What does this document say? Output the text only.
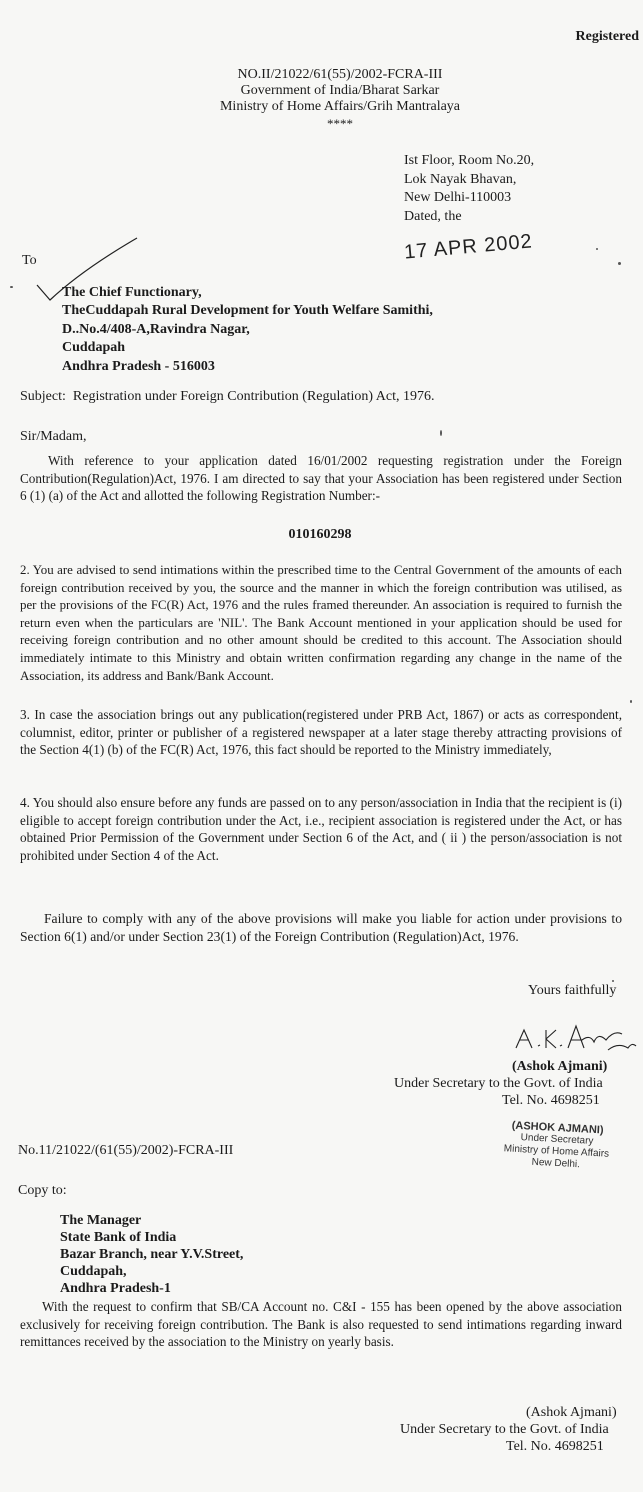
Registered
NO.II/21022/61(55)/2002-FCRA-III
Government of India/Bharat Sarkar
Ministry of Home Affairs/Grih Mantralaya
****
Ist Floor, Room No.20,
Lok Nayak Bhavan,
New Delhi-110003
Dated, the
17 APR 2002
To
The Chief Functionary,
TheCuddapah Rural Development for Youth Welfare Samithi,
D..No.4/408-A,Ravindra Nagar,
Cuddapah
Andhra Pradesh - 516003
Subject: Registration under Foreign Contribution (Regulation) Act, 1976.
Sir/Madam,
With reference to your application dated 16/01/2002 requesting registration under the Foreign Contribution(Regulation)Act, 1976. I am directed to say that your Association has been registered under Section 6 (1) (a) of the Act and allotted the following Registration Number:-
010160298
2. You are advised to send intimations within the prescribed time to the Central Government of the amounts of each foreign contribution received by you, the source and the manner in which the foreign contribution was utilised, as per the provisions of the FC(R) Act, 1976 and the rules framed thereunder. An association is required to furnish the return even when the particulars are 'NIL'. The Bank Account mentioned in your application should be used for receiving foreign contribution and no other amount should be credited to this account. The Association should immediately intimate to this Ministry and obtain written confirmation regarding any change in the name of the Association, its address and Bank/Bank Account.
3. In case the association brings out any publication(registered under PRB Act, 1867) or acts as correspondent, columnist, editor, printer or publisher of a registered newspaper at a later stage thereby attracting provisions of the Section 4(1) (b) of the FC(R) Act, 1976, this fact should be reported to the Ministry immediately,
4. You should also ensure before any funds are passed on to any person/association in India that the recipient is (i) eligible to accept foreign contribution under the Act, i.e., recipient association is registered under the Act, or has obtained Prior Permission of the Government under Section 6 of the Act, and ( ii ) the person/association is not prohibited under Section 4 of the Act.
Failure to comply with any of the above provisions will make you liable for action under provisions to Section 6(1) and/or under Section 23(1) of the Foreign Contribution (Regulation)Act, 1976.
Yours faithfully
(Ashok Ajmani)
Under Secretary to the Govt. of India
Tel. No. 4698251
(ASHOK AJMANI)
Under Secretary
Ministry of Home Affairs
New Delhi.
No.11/21022/(61(55)/2002)-FCRA-III
Copy to:
The Manager
State Bank of India
Bazar Branch, near Y.V.Street,
Cuddapah,
Andhra Pradesh-1
With the request to confirm that SB/CA Account no. C&I - 155 has been opened by the above association exclusively for receiving foreign contribution. The Bank is also requested to send intimations regarding inward remittances received by the association to the Ministry on yearly basis.
(Ashok Ajmani)
Under Secretary to the Govt. of India
Tel. No. 4698251
